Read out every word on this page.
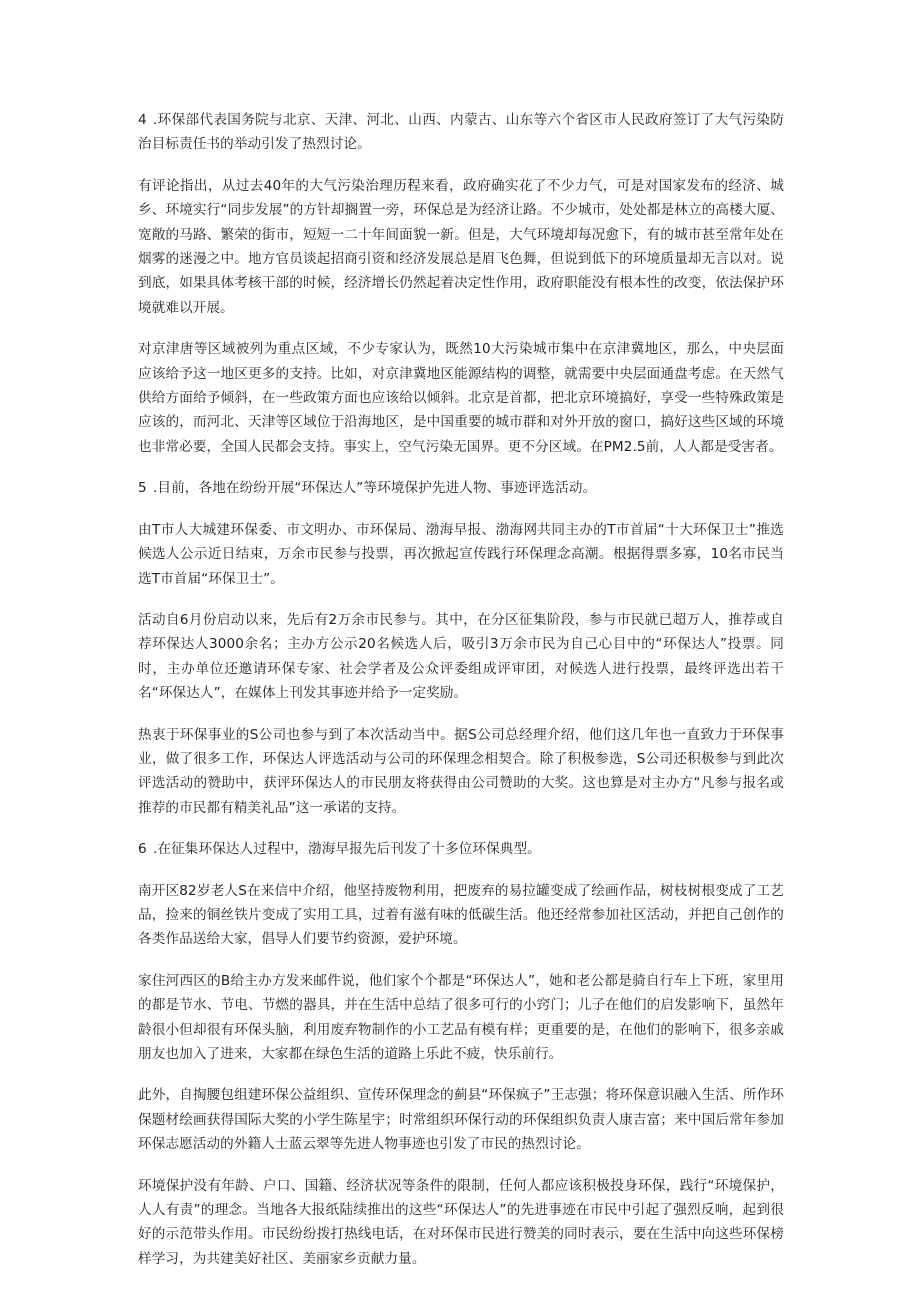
4 .环保部代表国务院与北京、天津、河北、山西、内蒙古、山东等六个省区市人民政府签订了大气污染防治目标责任书的举动引发了热烈讨论。

有评论指出，从过去40年的大气污染治理历程来看，政府确实花了不少力气，可是对国家发布的经济、城乡、环境实行“同步发展”的方针却搁置一旁，环保总是为经济让路。不少城市，处处都是林立的高楼大厦、宽敞的马路、繁荣的街市，短短一二十年间面貌一新。但是，大气环境却每况愈下，有的城市甚至常年处在烟雾的迷漫之中。地方官员谈起招商引资和经济发展总是眉飞色舞，但说到低下的环境质量却无言以对。说到底，如果具体考核干部的时候，经济增长仍然起着决定性作用，政府职能没有根本性的改变，依法保护环境就难以开展。

对京津唐等区域被列为重点区域，不少专家认为，既然10大污染城市集中在京津冀地区，那么，中央层面应该给予这一地区更多的支持。比如，对京津冀地区能源结构的调整，就需要中央层面通盘考虑。在天然气供给方面给予倾斜，在一些政策方面也应该给以倾斜。北京是首都，把北京环境搞好，享受一些特殊政策是应该的，而河北、天津等区域位于沿海地区，是中国重要的城市群和对外开放的窗口，搞好这些区域的环境也非常必要，全国人民都会支持。事实上，空气污染无国界。更不分区域。在PM2.5前，人人都是受害者。

5 .目前，各地在纷纷开展“环保达人”等环境保护先进人物、事迹评选活动。

由T市人大城建环保委、市文明办、市环保局、渤海早报、渤海网共同主办的T市首届“十大环保卫士”推选候选人公示近日结束，万余市民参与投票，再次掀起宣传践行环保理念高潮。根据得票多寡，10名市民当选T市首届“环保卫士”。

活动自6月份启动以来，先后有2万余市民参与。其中，在分区征集阶段，参与市民就已超万人，推荐或自荐环保达人3000余名；主办方公示20名候选人后，吸引3万余市民为自己心目中的“环保达人”投票。同时，主办单位还邀请环保专家、社会学者及公众评委组成评审团，对候选人进行投票，最终评选出若干名“环保达人”，在媒体上刊发其事迹并给予一定奖励。

热衷于环保事业的S公司也参与到了本次活动当中。据S公司总经理介绍，他们这几年也一直致力于环保事业，做了很多工作，环保达人评选活动与公司的环保理念相契合。除了积极参选，S公司还积极参与到此次评选活动的赞助中，获评环保达人的市民朋友将获得由公司赞助的大奖。这也算是对主办方“凡参与报名或推荐的市民都有精美礼品”这一承诺的支持。

6 .在征集环保达人过程中，渤海早报先后刊发了十多位环保典型。

南开区82岁老人S在来信中介绍，他坚持废物利用，把废弃的易拉罐变成了绘画作品，树枝树根变成了工艺品，捡来的铜丝铁片变成了实用工具，过着有滋有味的低碳生活。他还经常参加社区活动，并把自己创作的各类作品送给大家，倡导人们要节约资源，爱护环境。

家住河西区的B给主办方发来邮件说，他们家个个都是“环保达人”，她和老公都是骑自行车上下班，家里用的都是节水、节电、节燃的器具，并在生活中总结了很多可行的小窍门；儿子在他们的启发影响下，虽然年龄很小但却很有环保头脑，利用废弃物制作的小工艺品有模有样；更重要的是，在他们的影响下，很多亲戚朋友也加入了进来，大家都在绿色生活的道路上乐此不疲，快乐前行。

此外，自掏腰包组建环保公益组织、宣传环保理念的蓟县“环保疯子”王志强；将环保意识融入生活、所作环保题材绘画获得国际大奖的小学生陈星宇；时常组织环保行动的环保组织负责人康吉富；来中国后常年参加环保志愿活动的外籍人士蓝云翠等先进人物事迹也引发了市民的热烈讨论。

环境保护没有年龄、户口、国籍、经济状况等条件的限制，任何人都应该积极投身环保，践行“环境保护，人人有责”的理念。当地各大报纸陆续推出的这些“环保达人”的先进事迹在市民中引起了强烈反响，起到很好的示范带头作用。市民纷纷拨打热线电话，在对环保市民进行赞美的同时表示，要在生活中向这些环保榜样学习，为共建美好社区、美丽家乡贡献力量。
